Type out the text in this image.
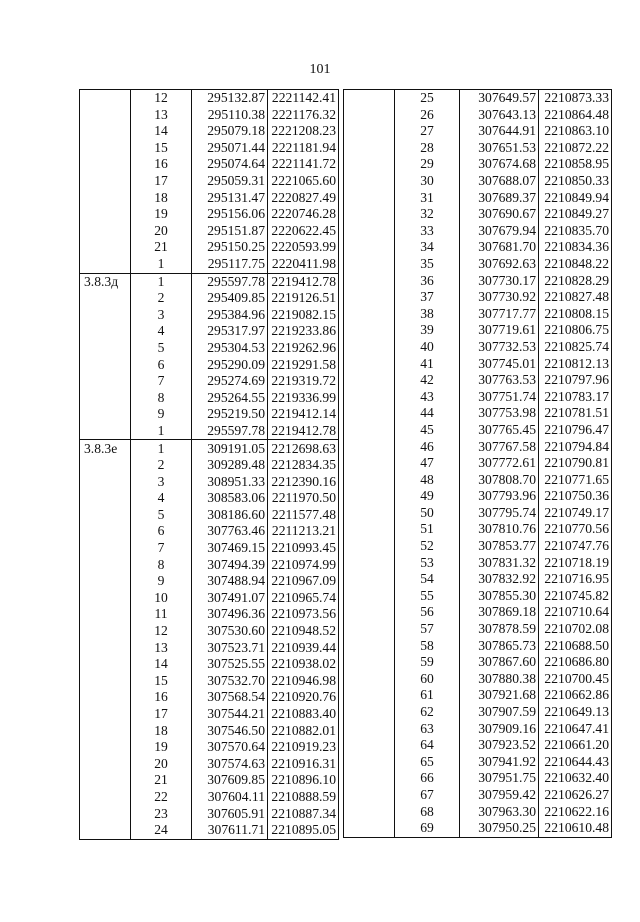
101
	12	295132.87	2221142.41
	13	295110.38	2221176.32
	14	295079.18	2221208.23
	15	295071.44	2221181.94
	16	295074.64	2221141.72
	17	295059.31	2221065.60
	18	295131.47	2220827.49
	19	295156.06	2220746.28
	20	295151.87	2220622.45
	21	295150.25	2220593.99
	1	295117.75	2220411.98
3.8.3д	1	295597.78	2219412.78
	2	295409.85	2219126.51
	3	295384.96	2219082.15
	4	295317.97	2219233.86
	5	295304.53	2219262.96
	6	295290.09	2219291.58
	7	295274.69	2219319.72
	8	295264.55	2219336.99
	9	295219.50	2219412.14
	1	295597.78	2219412.78
3.8.3е	1	309191.05	2212698.63
	2	309289.48	2212834.35
	3	308951.33	2212390.16
	4	308583.06	2211970.50
	5	308186.60	2211577.48
	6	307763.46	2211213.21
	7	307469.15	2210993.45
	8	307494.39	2210974.99
	9	307488.94	2210967.09
	10	307491.07	2210965.74
	11	307496.36	2210973.56
	12	307530.60	2210948.52
	13	307523.71	2210939.44
	14	307525.55	2210938.02
	15	307532.70	2210946.98
	16	307568.54	2210920.76
	17	307544.21	2210883.40
	18	307546.50	2210882.01
	19	307570.64	2210919.23
	20	307574.63	2210916.31
	21	307609.85	2210896.10
	22	307604.11	2210888.59
	23	307605.91	2210887.34
	24	307611.71	2210895.05
	25	307649.57	2210873.33
	26	307643.13	2210864.48
	27	307644.91	2210863.10
	28	307651.53	2210872.22
	29	307674.68	2210858.95
	30	307688.07	2210850.33
	31	307689.37	2210849.94
	32	307690.67	2210849.27
	33	307679.94	2210835.70
	34	307681.70	2210834.36
	35	307692.63	2210848.22
	36	307730.17	2210828.29
	37	307730.92	2210827.48
	38	307717.77	2210808.15
	39	307719.61	2210806.75
	40	307732.53	2210825.74
	41	307745.01	2210812.13
	42	307763.53	2210797.96
	43	307751.74	2210783.17
	44	307753.98	2210781.51
	45	307765.45	2210796.47
	46	307767.58	2210794.84
	47	307772.61	2210790.81
	48	307808.70	2210771.65
	49	307793.96	2210750.36
	50	307795.74	2210749.17
	51	307810.76	2210770.56
	52	307853.77	2210747.76
	53	307831.32	2210718.19
	54	307832.92	2210716.95
	55	307855.30	2210745.82
	56	307869.18	2210710.64
	57	307878.59	2210702.08
	58	307865.73	2210688.50
	59	307867.60	2210686.80
	60	307880.38	2210700.45
	61	307921.68	2210662.86
	62	307907.59	2210649.13
	63	307909.16	2210647.41
	64	307923.52	2210661.20
	65	307941.92	2210644.43
	66	307951.75	2210632.40
	67	307959.42	2210626.27
	68	307963.30	2210622.16
	69	307950.25	2210610.48
